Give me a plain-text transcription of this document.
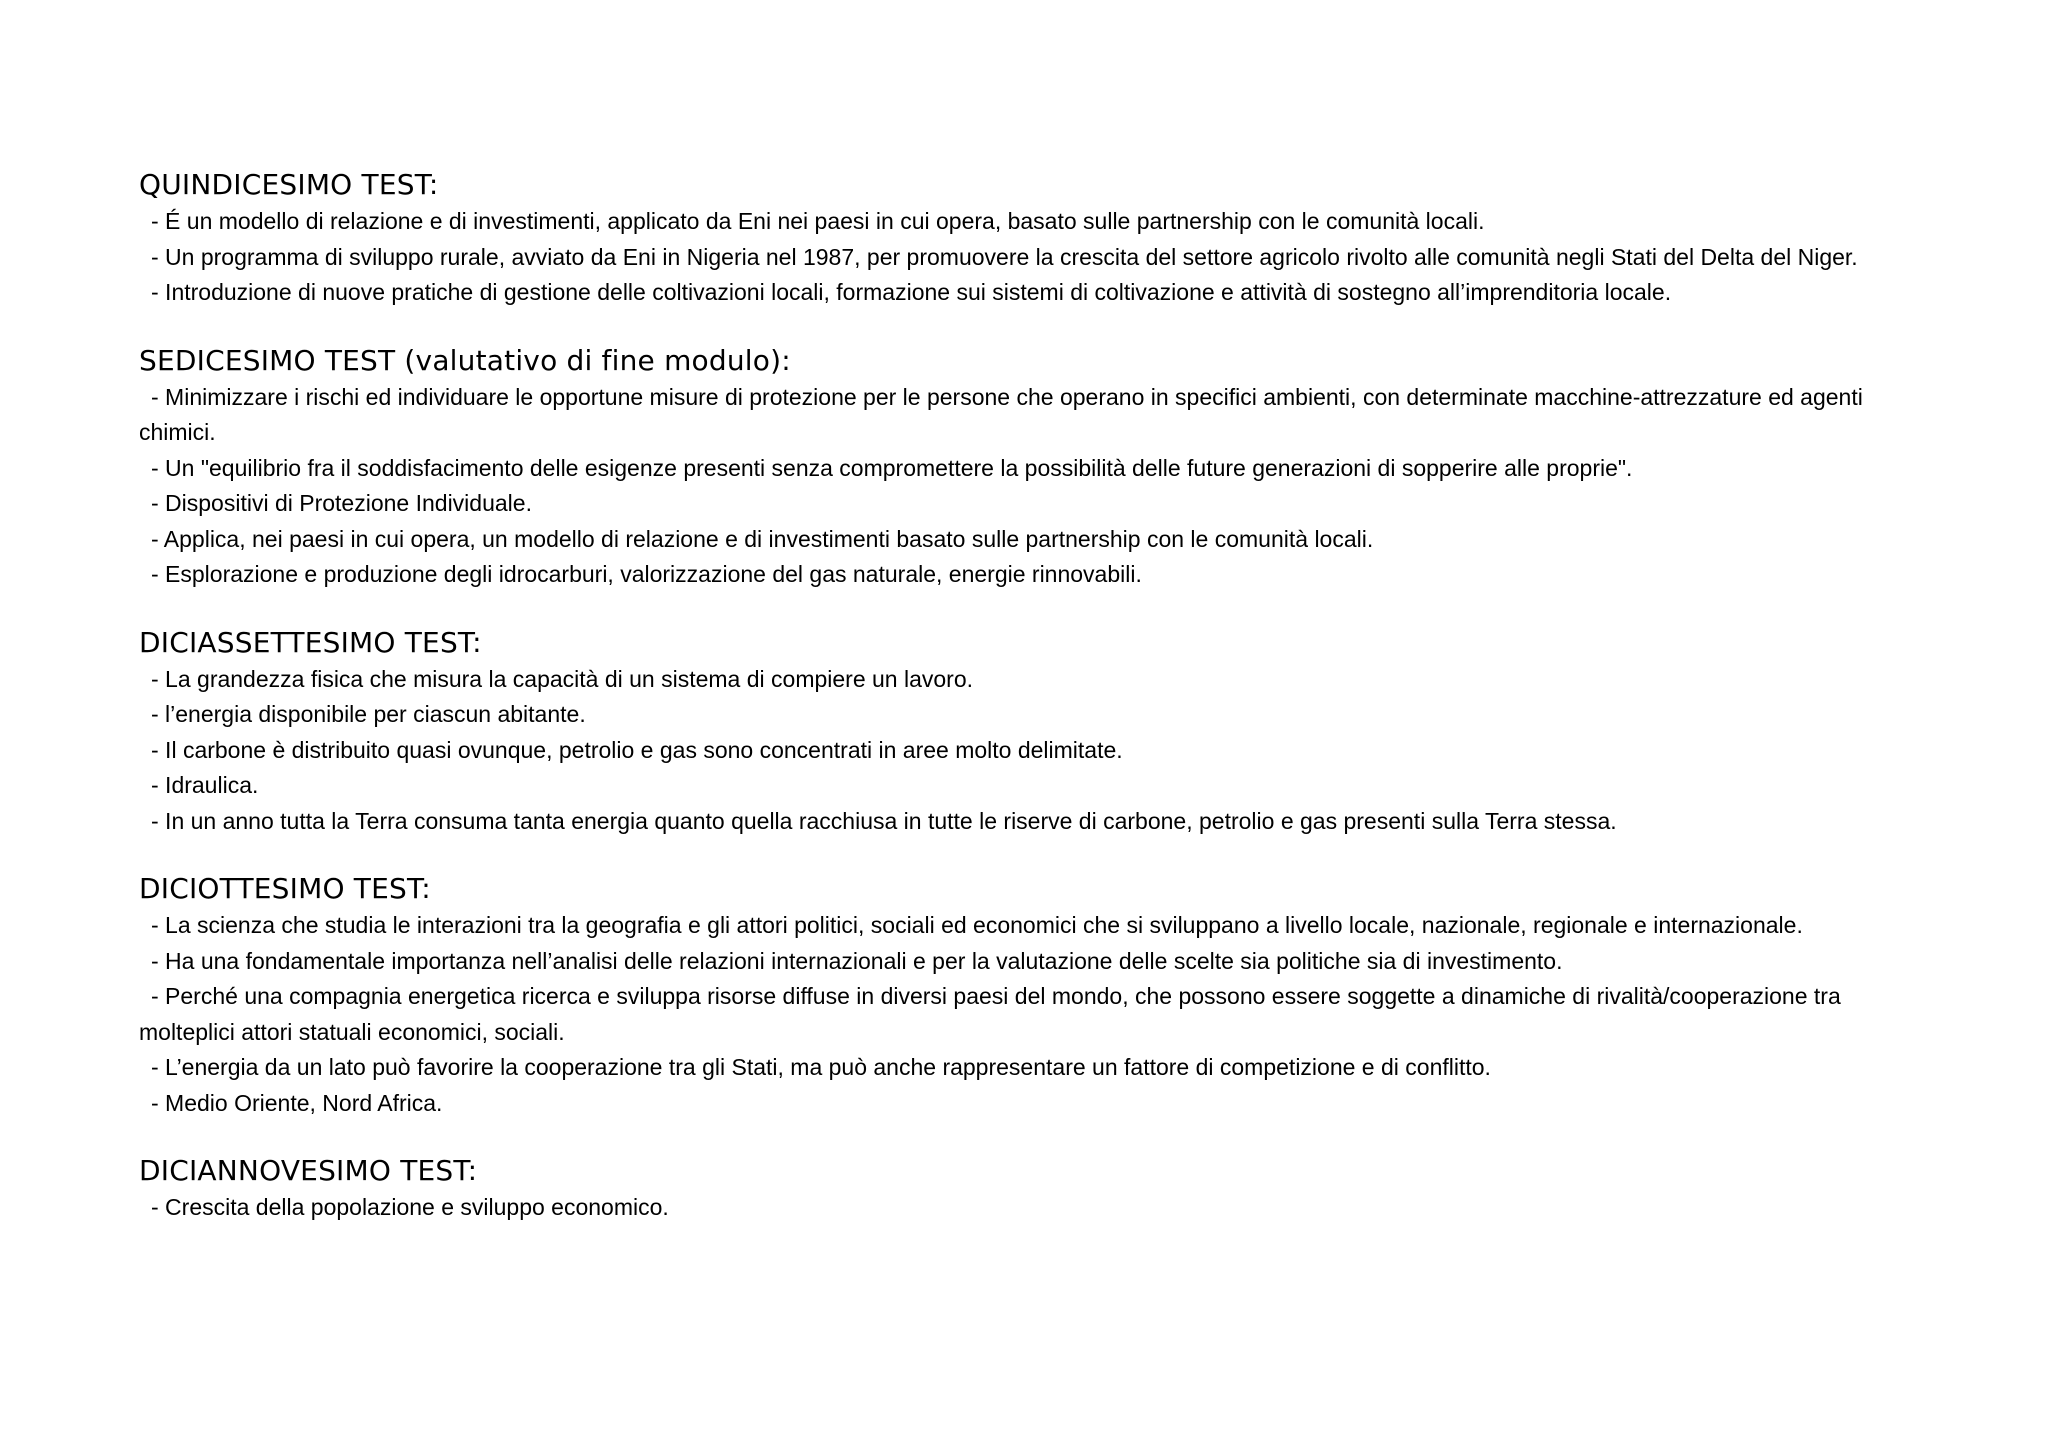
QUINDICESIMO TEST:
- É un modello di relazione e di investimenti, applicato da Eni nei paesi in cui opera, basato sulle partnership con le comunità locali.
- Un programma di sviluppo rurale, avviato da Eni in Nigeria nel 1987, per promuovere la crescita del settore agricolo rivolto alle comunità negli Stati del Delta del Niger.
- Introduzione di nuove pratiche di gestione delle coltivazioni locali, formazione sui sistemi di coltivazione e attività di sostegno all’imprenditoria locale.
SEDICESIMO TEST (valutativo di fine modulo):
- Minimizzare i rischi ed individuare le opportune misure di protezione per le persone che operano in specifici ambienti, con determinate macchine-attrezzature ed agenti chimici.
- Un "equilibrio fra il soddisfacimento delle esigenze presenti senza compromettere la possibilità delle future generazioni di sopperire alle proprie".
- Dispositivi di Protezione Individuale.
- Applica, nei paesi in cui opera, un modello di relazione e di investimenti basato sulle partnership con le comunità locali.
- Esplorazione e produzione degli idrocarburi, valorizzazione del gas naturale, energie rinnovabili.
DICIASSETTESIMO TEST:
- La grandezza fisica che misura la capacità di un sistema di compiere un lavoro.
- l’energia disponibile per ciascun abitante.
- Il carbone è distribuito quasi ovunque, petrolio e gas sono concentrati in aree molto delimitate.
- Idraulica.
- In un anno tutta la Terra consuma tanta energia quanto quella racchiusa in tutte le riserve di carbone, petrolio e gas presenti sulla Terra stessa.
DICIOTTESIMO TEST:
- La scienza che studia le interazioni tra la geografia e gli attori politici, sociali ed economici che si sviluppano a livello locale, nazionale, regionale e internazionale.
- Ha una fondamentale importanza nell’analisi delle relazioni internazionali e per la valutazione delle scelte sia politiche sia di investimento.
- Perché una compagnia energetica ricerca e sviluppa risorse diffuse in diversi paesi del mondo, che possono essere soggette a dinamiche di rivalità/cooperazione tra molteplici attori statuali economici, sociali.
- L’energia da un lato può favorire la cooperazione tra gli Stati, ma può anche rappresentare un fattore di competizione e di conflitto.
- Medio Oriente, Nord Africa.
DICIANNOVESIMO TEST:
- Crescita della popolazione e sviluppo economico.
